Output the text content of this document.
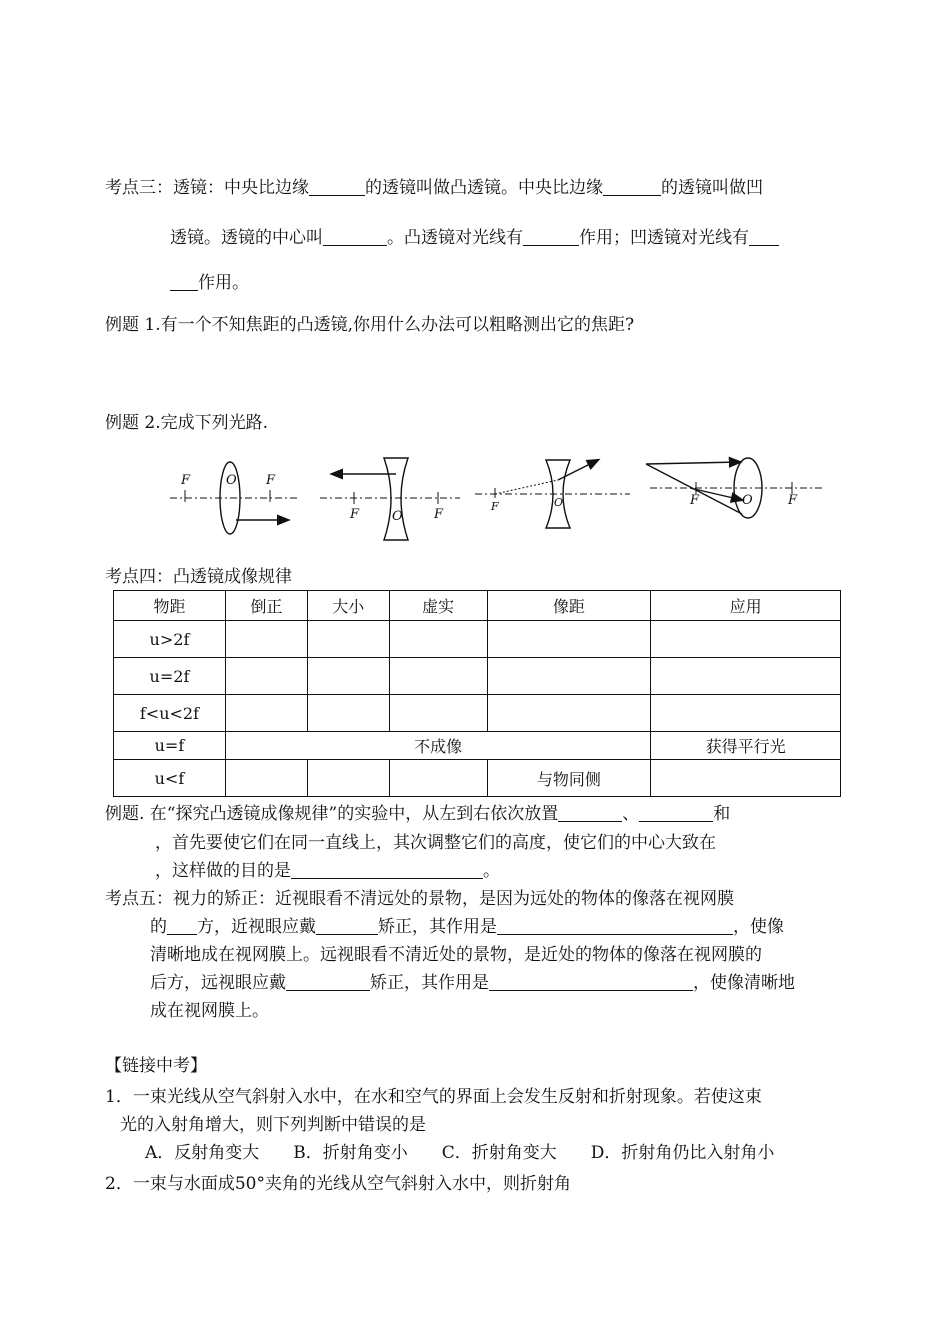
考点三：透镜：中央比边缘	的透镜叫做凸透镜。中央比边缘	的透镜叫做凹
透镜。透镜的中心叫	。凸透镜对光线有	作用；凹透镜对光线有
作用。
例题 1.有一个不知焦距的凸透镜,你用什么办法可以粗略测出它的焦距?
例题 2.完成下列光路.
F	O F
F	O F
F	O	F	O	F
考点四：凸透镜成像规律
物距	倒正	大小	虚实	像距	应用
u>2f					
u=2f					
f<u<2f					
u=f	不成像				获得平行光
u<f				与物同侧	
例题. 在“探究凸透镜成像规律”的实验中，从左到右依次放置	、	和
，首先要使它们在同一直线上，其次调整它们的高度，使它们的中心大致在
，这样做的目的是	。
考点五：视力的矫正：近视眼看不清远处的景物，是因为远处的物体的像落在视网膜
的 方，近视眼应戴	矫正，其作用是	，使像
清晰地成在视网膜上。远视眼看不清近处的景物，是近处的物体的像落在视网膜的
后方，远视眼应戴	矫正，其作用是	，使像清晰地
成在视网膜上。
【链接中考】
1．一束光线从空气斜射入水中，在水和空气的界面上会发生反射和折射现象。若使这束
光的入射角增大，则下列判断中错误的是
A．反射角变大　　B．折射角变小　　C．折射角变大　　D．折射角仍比入射角小
2．一束与水面成50°夹角的光线从空气斜射入水中，则折射角
